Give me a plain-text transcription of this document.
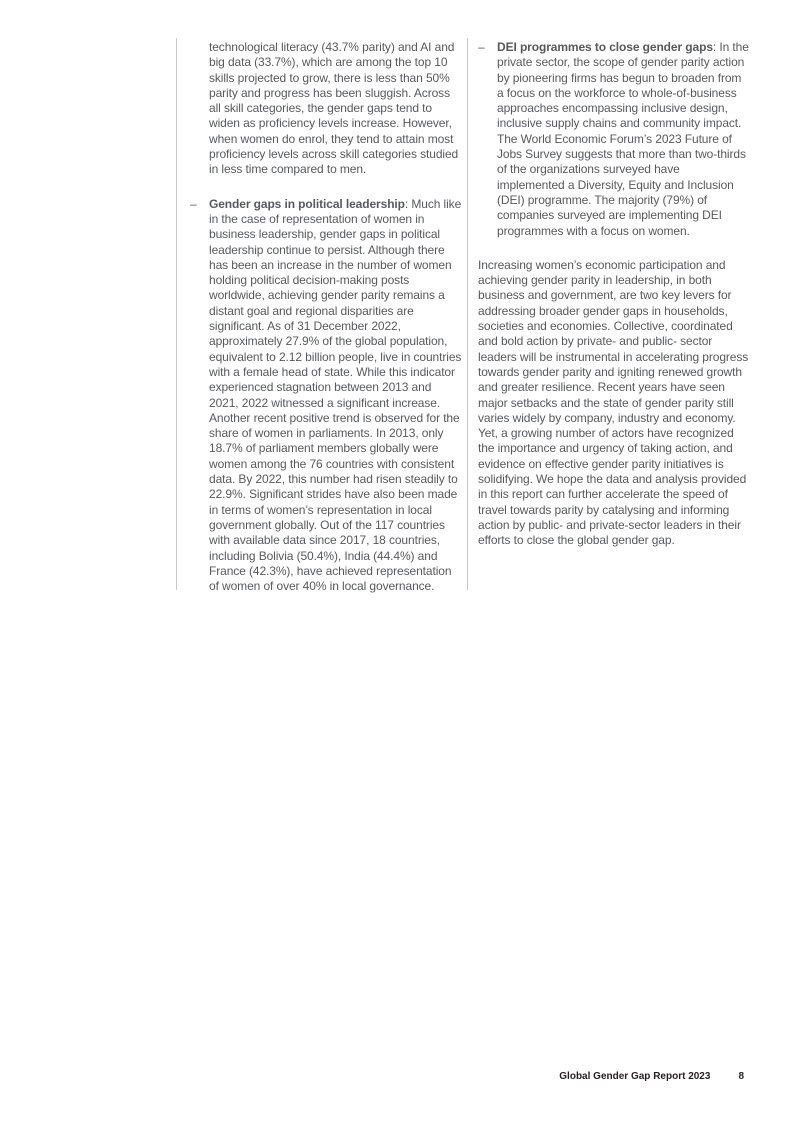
technological literacy (43.7% parity) and AI and big data (33.7%), which are among the top 10 skills projected to grow, there is less than 50% parity and progress has been sluggish. Across all skill categories, the gender gaps tend to widen as proficiency levels increase. However, when women do enrol, they tend to attain most proficiency levels across skill categories studied in less time compared to men.

– Gender gaps in political leadership: Much like in the case of representation of women in business leadership, gender gaps in political leadership continue to persist. Although there has been an increase in the number of women holding political decision-making posts worldwide, achieving gender parity remains a distant goal and regional disparities are significant. As of 31 December 2022, approximately 27.9% of the global population, equivalent to 2.12 billion people, live in countries with a female head of state. While this indicator experienced stagnation between 2013 and 2021, 2022 witnessed a significant increase. Another recent positive trend is observed for the share of women in parliaments. In 2013, only 18.7% of parliament members globally were women among the 76 countries with consistent data. By 2022, this number had risen steadily to 22.9%. Significant strides have also been made in terms of women’s representation in local government globally. Out of the 117 countries with available data since 2017, 18 countries, including Bolivia (50.4%), India (44.4%) and France (42.3%), have achieved representation of women of over 40% in local governance.
– DEI programmes to close gender gaps: In the private sector, the scope of gender parity action by pioneering firms has begun to broaden from a focus on the workforce to whole-of-business approaches encompassing inclusive design, inclusive supply chains and community impact. The World Economic Forum’s 2023 Future of Jobs Survey suggests that more than two-thirds of the organizations surveyed have implemented a Diversity, Equity and Inclusion (DEI) programme. The majority (79%) of companies surveyed are implementing DEI programmes with a focus on women.

Increasing women’s economic participation and achieving gender parity in leadership, in both business and government, are two key levers for addressing broader gender gaps in households, societies and economies. Collective, coordinated and bold action by private- and public- sector leaders will be instrumental in accelerating progress towards gender parity and igniting renewed growth and greater resilience. Recent years have seen major setbacks and the state of gender parity still varies widely by company, industry and economy. Yet, a growing number of actors have recognized the importance and urgency of taking action, and evidence on effective gender parity initiatives is solidifying. We hope the data and analysis provided in this report can further accelerate the speed of travel towards parity by catalysing and informing action by public- and private-sector leaders in their efforts to close the global gender gap.

Global Gender Gap Report 2023	8
